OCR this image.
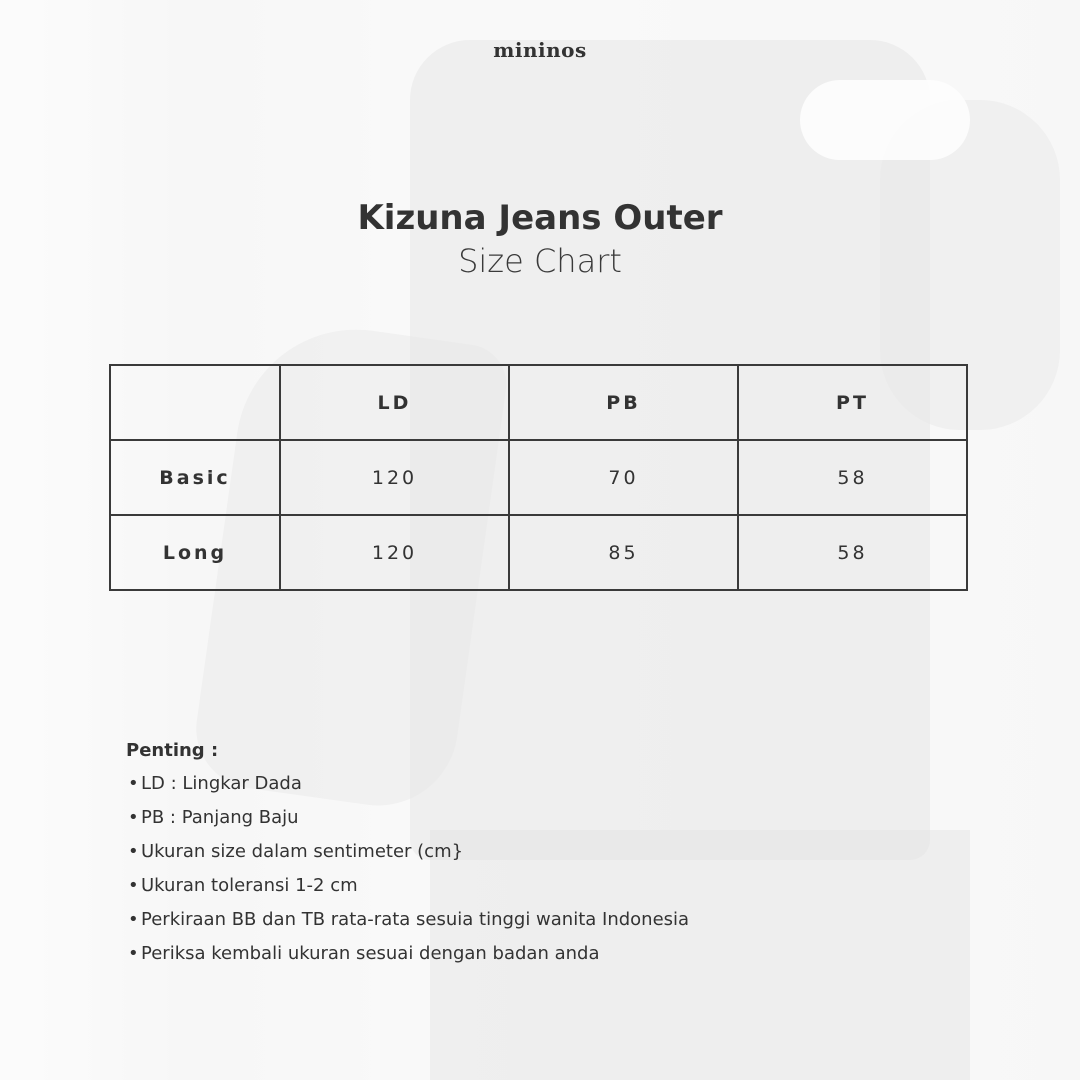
mininos
Kizuna Jeans Outer
Size Chart
	LD	PB	PT
Basic	120	70	58
Long	120	85	58
Penting :
• LD : Lingkar Dada
• PB : Panjang Baju
• Ukuran size dalam sentimeter (cm}
• Ukuran toleransi 1-2 cm
• Perkiraan BB dan TB rata-rata sesuia tinggi wanita Indonesia
• Periksa kembali ukuran sesuai dengan badan anda
